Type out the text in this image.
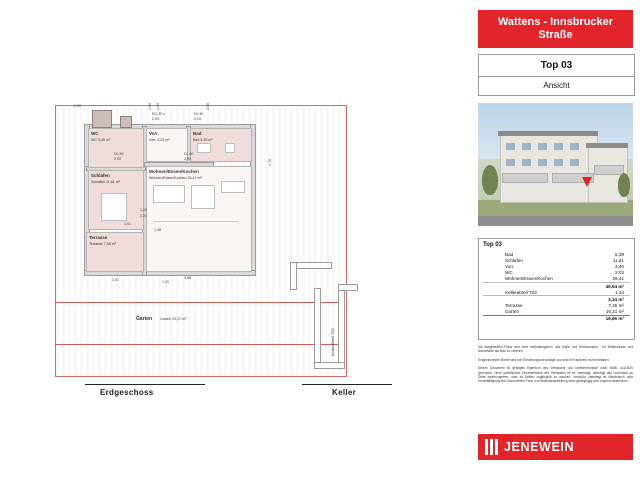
WC
WC 3,40 m²
Vorr.
Vorr. 2,03 m²
Bad
Bad 5,39 m²
Schlafen
Schlafen 11,81 m²
Wohnen/Essen/Kochen
Wohnen/Essen/Kochen 26,41 m²
Terrasse
Terrasse 7,45 m²
Garten Garten 19,21 m²
EG 30 c	DL 80
2,00
2,00
DL 80
2,00
DL 80
2,00
2,00	2,00 2,00	2,00
1,26
2,21
1,01
1,38
3,88
1,35
1,01
2,76
Erdgeschoss
Kellerabteil T03
Keller
Wattens - Innsbrucker
Straße
Top 03
Ansicht
Top 03
Bad	5,39
Schlafen	11,81
Vorr.	3,40
WC	2,03
Wohnen/Essen/Kochen	26,41
	49,64 m²
Kellerabteil T03	1,34
	3,34 m²
Terrasse	7,45 m²
Garten	19,21 m²
	19,66 m²

Die dargestellten Pläne sind nicht maßstabsgetreu. Alle Maße und Rohbaumaße - für Mittelentreau und Naturmaße am Bau zu nehmen.

Eingezeichnete Möbel sind nur Einrichtungsvorschläge und sind im Kaufpreis nicht enthalten.

Dieses Dokument ist geistiges Eigentum des Verfassers und urheberrechtlich nach BGBl. 4111/620 geschützt. Ohne schriftliches Einverständnis des Verfassers ist es untersagt, unbefugt das Dokument an Dritte weiterzugeben, oder es Dritten zugänglich zu machen. Verstöße unterliegt ist Missbrauch oder Vervielfältigung des Dokumentes' Farb- und Materialdarstellung kann geringfügig vom Angebot abweichen.

JENEWEIN
